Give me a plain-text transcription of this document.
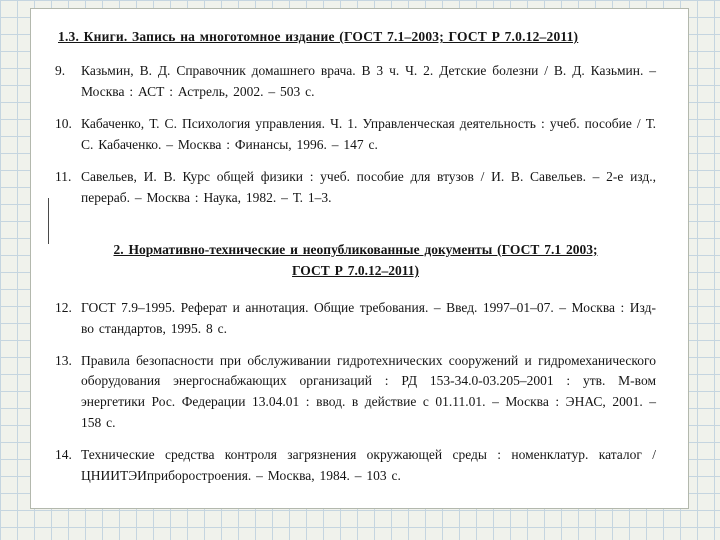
1.3. Книги. Запись на многотомное издание (ГОСТ 7.1–2003; ГОСТ Р 7.0.12–2011)
9.	Казьмин, В. Д. Справочник домашнего врача. В 3 ч. Ч. 2. Детские болезни / В. Д. Казьмин. – Москва : АСТ : Астрель, 2002. – 503 с.
10. Кабаченко, Т. С. Психология управления. Ч. 1. Управленческая деятельность : учеб. пособие / Т. С. Кабаченко. – Москва : Финансы, 1996. – 147 с.
11. Савельев, И. В. Курс общей физики : учеб. пособие для втузов / И. В. Савельев. – 2-е изд., перераб. – Москва : Наука, 1982. – Т. 1–3.
2. Нормативно-технические и неопубликованные документы (ГОСТ 7.1 2003;
ГОСТ Р 7.0.12–2011)
12. ГОСТ 7.9–1995. Реферат и аннотация. Общие требования. – Введ. 1997–01–07. – Москва : Изд-во стандартов, 1995. 8 с.
13. Правила безопасности при обслуживании гидротехнических сооружений и гидромеханического оборудования энергоснабжающих организаций : РД 153-34.0-03.205–2001 : утв. М-вом энергетики Рос. Федерации 13.04.01 : ввод. в действие с 01.11.01. – Москва : ЭНАС, 2001. – 158 с.
14. Технические средства контроля загрязнения окружающей среды : номенклатур. каталог / ЦНИИТЭИприборостроения. – Москва, 1984. – 103 с.
